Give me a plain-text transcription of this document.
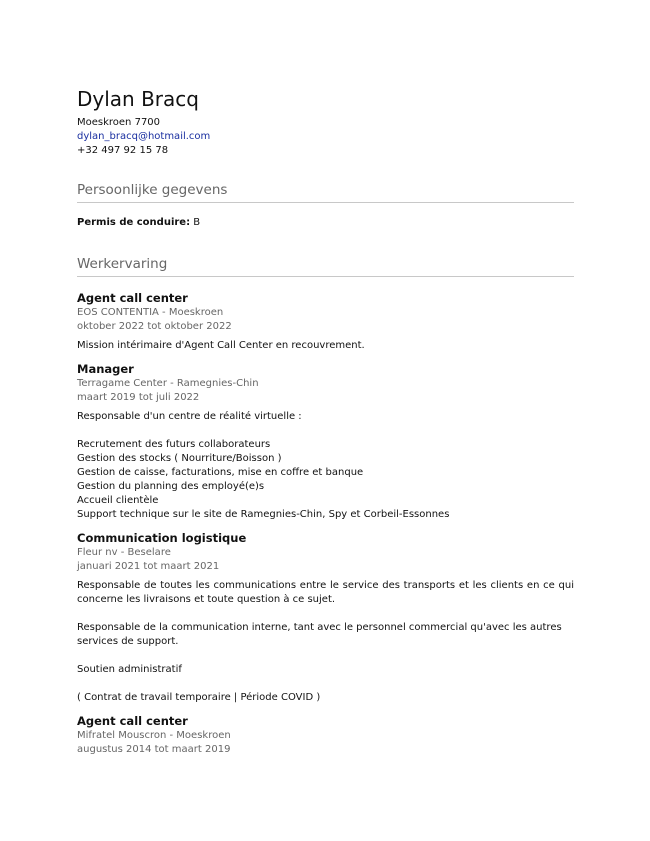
Dylan Bracq
Moeskroen 7700
dylan_bracq@hotmail.com
+32 497 92 15 78
Persoonlijke gegevens
Permis de conduire: B
Werkervaring
Agent call center
EOS CONTENTIA - Moeskroen
oktober 2022 tot oktober 2022

Mission intérimaire d'Agent Call Center en recouvrement.

Manager
Terragame Center - Ramegnies-Chin
maart 2019 tot juli 2022

Responsable d'un centre de réalité virtuelle :

Recrutement des futurs collaborateurs

Gestion des stocks ( Nourriture/Boisson )

Gestion de caisse, facturations, mise en coffre et banque

Gestion du planning des employé(e)s

Accueil clientèle

Support technique sur le site de Ramegnies-Chin, Spy et Corbeil-Essonnes

Communication logistique
Fleur nv - Beselare
januari 2021 tot maart 2021

Responsable de toutes les communications entre le service des transports et les clients en ce qui concerne les livraisons et toute question à ce sujet.

Responsable de la communication interne, tant avec le personnel commercial qu'avec les autres services de support.

Soutien administratif

( Contrat de travail temporaire | Période COVID )

Agent call center
Mifratel Mouscron - Moeskroen
augustus 2014 tot maart 2019
